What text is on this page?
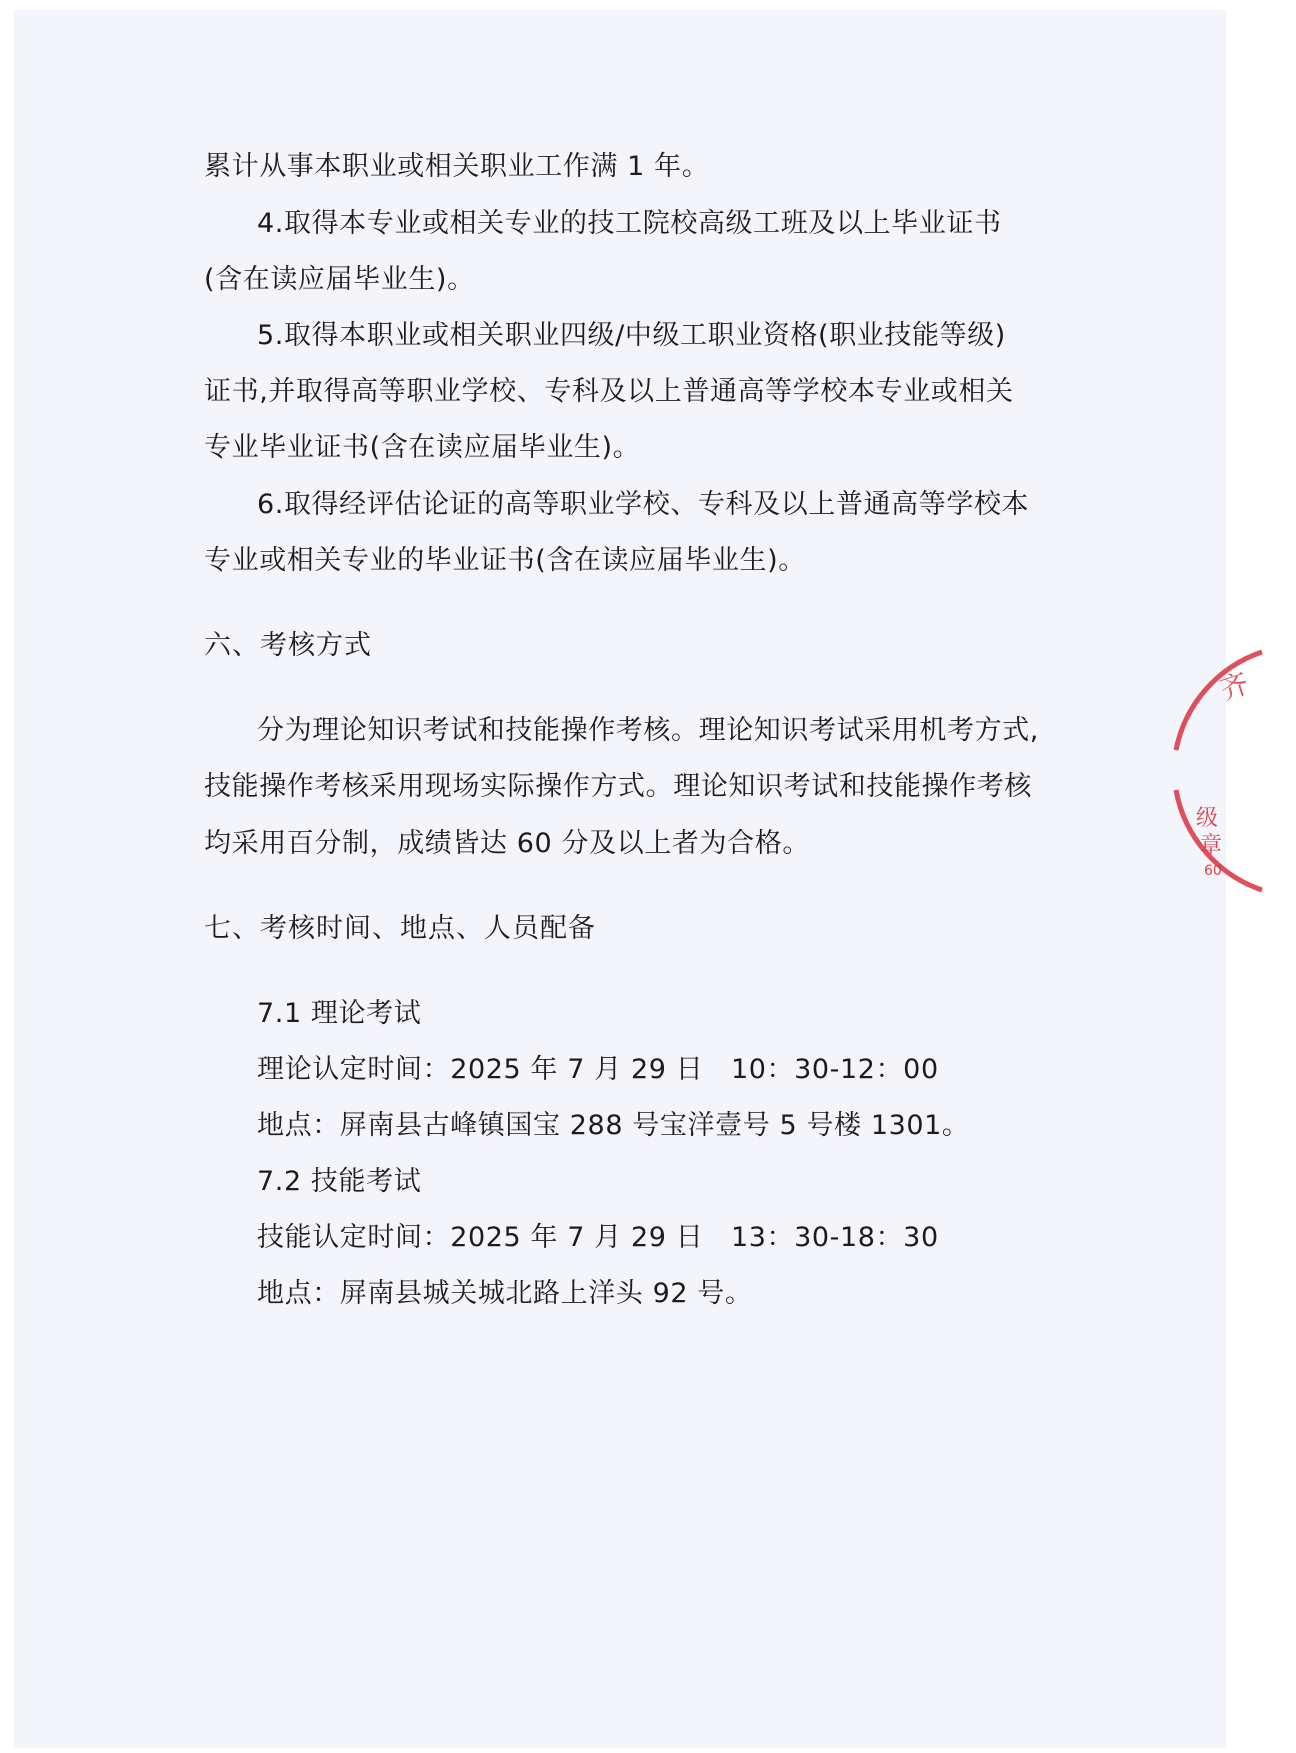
累计从事本职业或相关职业工作满 1 年。
4.取得本专业或相关专业的技工院校高级工班及以上毕业证书
(含在读应届毕业生)。
5.取得本职业或相关职业四级/中级工职业资格(职业技能等级)
证书,并取得高等职业学校、专科及以上普通高等学校本专业或相关
专业毕业证书(含在读应届毕业生)。
6.取得经评估论证的高等职业学校、专科及以上普通高等学校本
专业或相关专业的毕业证书(含在读应届毕业生)。
六、考核方式
分为理论知识考试和技能操作考核。理论知识考试采用机考方式,
技能操作考核采用现场实际操作方式。理论知识考试和技能操作考核
均采用百分制，成绩皆达 60 分及以上者为合格。
七、考核时间、地点、人员配备
7.1 理论考试
理论认定时间：2025 年 7 月 29 日　10：30-12：00
地点：屏南县古峰镇国宝 288 号宝洋壹号 5 号楼 1301。
7.2 技能考试
技能认定时间：2025 年 7 月 29 日　13：30-18：30
地点：屏南县城关城北路上洋头 92 号。
齐
级
章
60
